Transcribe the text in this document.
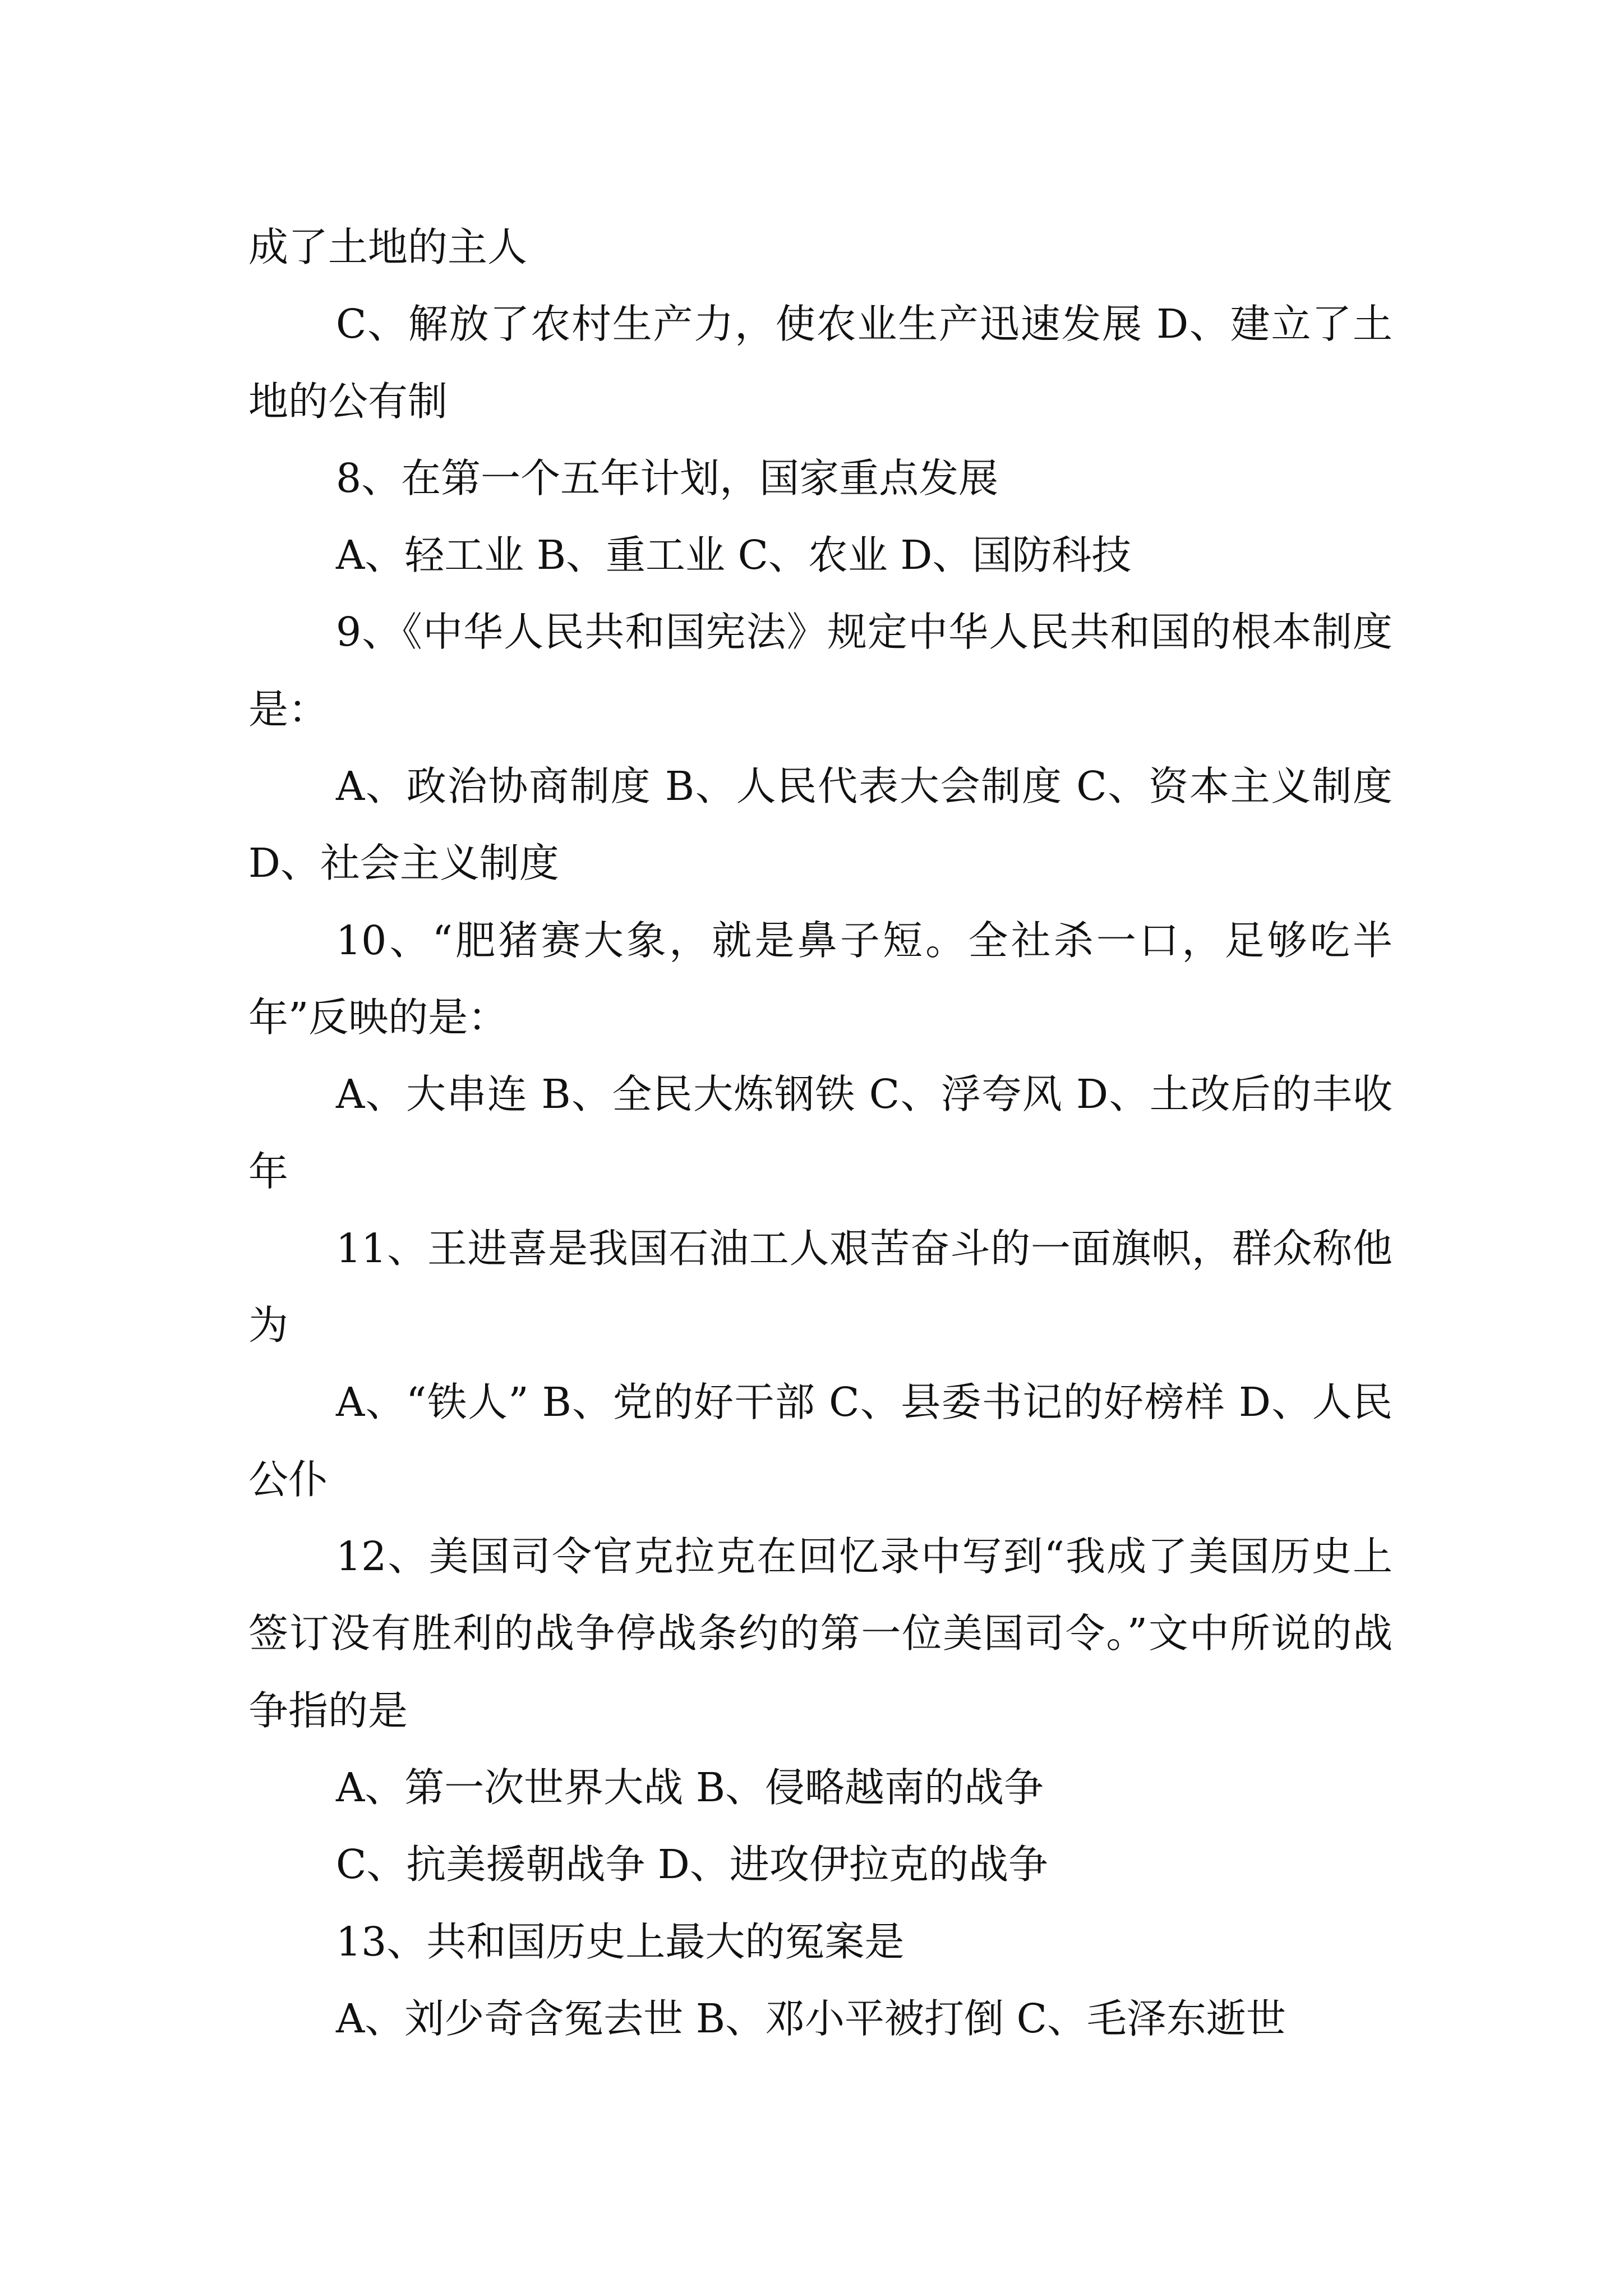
成了土地的主人

C、解放了农村生产力，使农业生产迅速发展 D、建立了土地的公有制

8、在第一个五年计划，国家重点发展

A、轻工业 B、重工业 C、农业 D、国防科技

9、《中华人民共和国宪法》规定中华人民共和国的根本制度是：

A、政治协商制度 B、人民代表大会制度 C、资本主义制度 D、社会主义制度

10、“肥猪赛大象，就是鼻子短。全社杀一口，足够吃半年”反映的是：

A、大串连 B、全民大炼钢铁 C、浮夸风 D、土改后的丰收年

11、王进喜是我国石油工人艰苦奋斗的一面旗帜，群众称他为

A、“铁人” B、党的好干部 C、县委书记的好榜样 D、人民公仆

12、美国司令官克拉克在回忆录中写到“我成了美国历史上签订没有胜利的战争停战条约的第一位美国司令。”文中所说的战争指的是

A、第一次世界大战 B、侵略越南的战争

C、抗美援朝战争 D、进攻伊拉克的战争

13、共和国历史上最大的冤案是

A、刘少奇含冤去世 B、邓小平被打倒 C、毛泽东逝世
